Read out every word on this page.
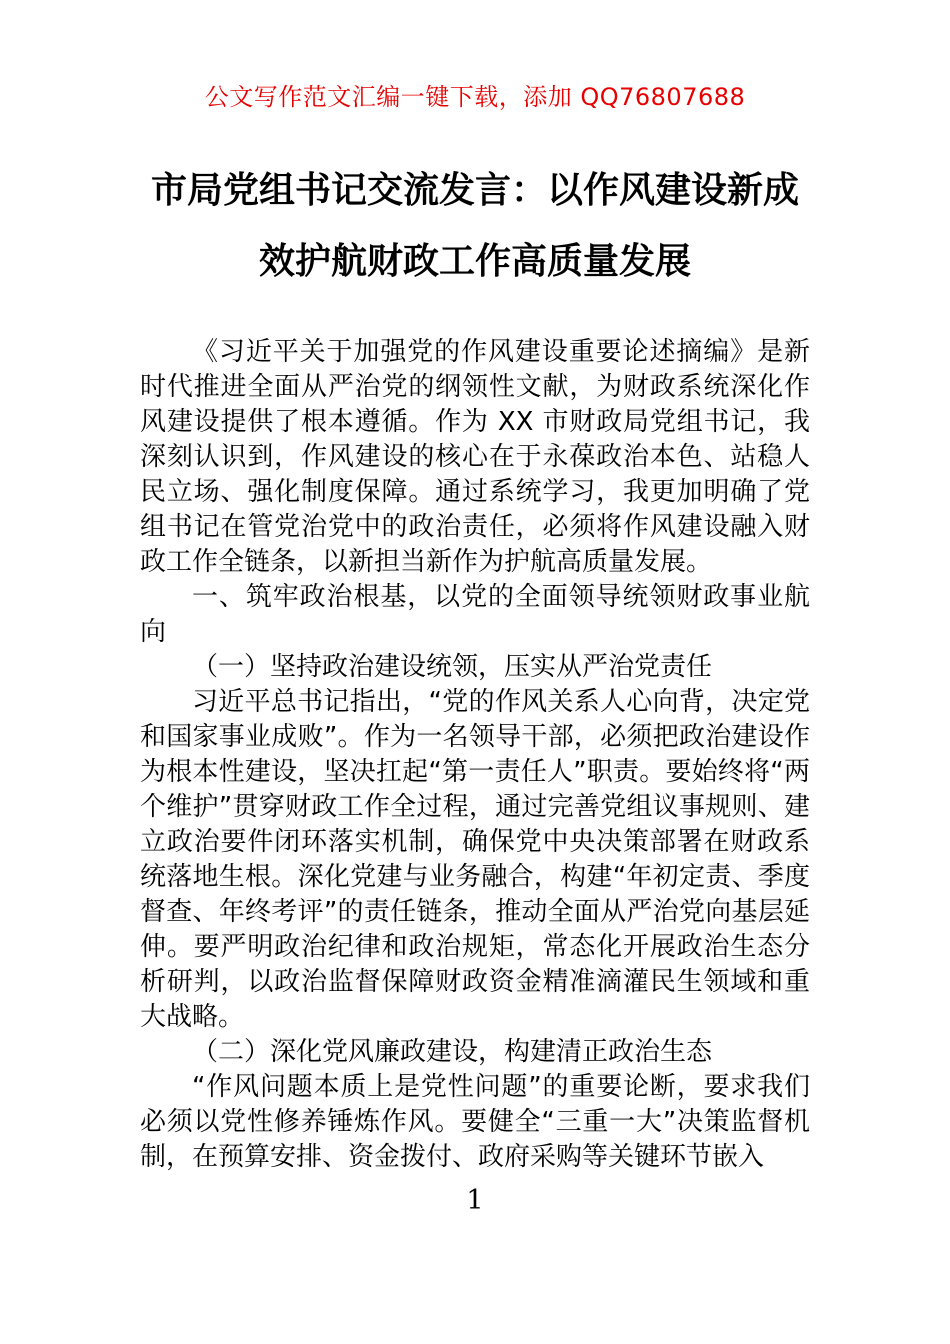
公文写作范文汇编一键下载，添加 QQ76807688
市局党组书记交流发言：以作风建设新成
效护航财政工作高质量发展

《习近平关于加强党的作风建设重要论述摘编》是新时代推进全面从严治党的纲领性文献，为财政系统深化作风建设提供了根本遵循。作为 XX 市财政局党组书记，我深刻认识到，作风建设的核心在于永葆政治本色、站稳人民立场、强化制度保障。通过系统学习，我更加明确了党组书记在管党治党中的政治责任，必须将作风建设融入财政工作全链条，以新担当新作为护航高质量发展。

一、筑牢政治根基，以党的全面领导统领财政事业航向

（一）坚持政治建设统领，压实从严治党责任

习近平总书记指出，“党的作风关系人心向背，决定党和国家事业成败”。作为一名领导干部，必须把政治建设作为根本性建设，坚决扛起“第一责任人”职责。要始终将“两个维护”贯穿财政工作全过程，通过完善党组议事规则、建立政治要件闭环落实机制，确保党中央决策部署在财政系统落地生根。深化党建与业务融合，构建“年初定责、季度督查、年终考评”的责任链条，推动全面从严治党向基层延伸。要严明政治纪律和政治规矩，常态化开展政治生态分析研判，以政治监督保障财政资金精准滴灌民生领域和重大战略。

（二）深化党风廉政建设，构建清正政治生态

“作风问题本质上是党性问题”的重要论断，要求我们必须以党性修养锤炼作风。要健全“三重一大”决策监督机制，在预算安排、资金拨付、政府采购等关键环节嵌入

1
